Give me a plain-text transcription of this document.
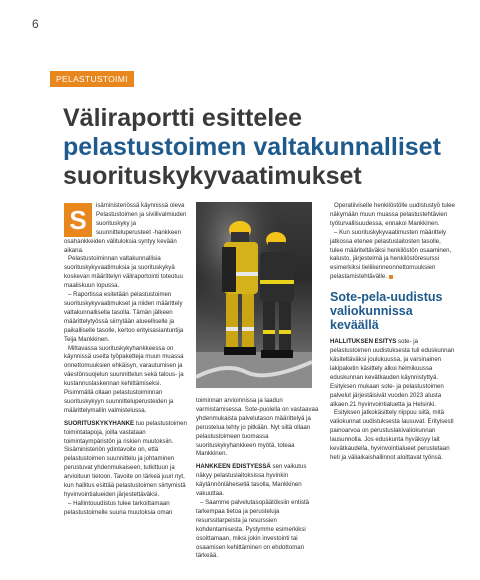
6
PELASTUSTOIMI
Väliraportti esittelee
pelastustoimen valtakunnalliset
suorituskykyvaatimukset

S	isäministeriössä käynnissä oleva Pelastustoimen ja siviilivalmiuden suorituskyky ja suunnitteluperusteet -hankkeen osahankkeiden välituloksia syntyy kevään aikana.

Pelastustoiminnan valtakunnallisia suorituskykyvaatimuksia ja suorituskykyä koskevan määrittelyn väliraportointi toteutuu maaliskuun lopussa.

– Raportissa esitetään pelastustoimen suorituskykyvaatimukset ja niiden määrittely valtakunnallisella tasolla. Tämän jälkeen määrittelytyössä siirrytään alueelliselle ja paikalliselle tasolle, kertoo erityisasiantuntija Teija Mankkinen.

Mittavassa suorituskykyhankkeessa on käynnissä useita työpaketteja muun muassa onnettomuuksien ehkäisyn, varautumisen ja väestönsuojelun suunnittelun sekä talous- ja kustannuslaskennan kehittämiseksi. Pisimmällä ollaan pelastustoiminnan suorituskykyyn suunnitteluperusteiden ja määrittelymallin valmistelussa.

SUORITUSKYKYHANKE tuo pelastustoimen toimintatapoja, joilla vastataan toimintaympäristön ja riskien muutoksiin. Sisäministeriön ydintavoite on, että pelastustoimen suunnittelu ja johtaminen perustuvat yhdenmukaiseen, tutkittuun ja arvioituun tietoon. Tavoite on tärkeä juuri nyt, kun hallitus esittää pelastustoimen siirtymistä hyvinvointialueiden järjestettäväksi.

– Hallintouudistus tulee tarkoittamaan pelastustoimelle suuria muutoksia oman

toiminnan arvioinnissa ja laadun varmistamisessa. Sote-puolella on vastaavaa yhdenmukaista palvelutason määrittelyä ja perustelua tehty jo pitkään. Nyt siltä ollaan pelastustoimeen tuomassa suorituskykyhankkeen myötä, toteaa Mankkinen.

HANKKEEN EDISTYESSÄ sen vaikutus näkyy pelastuslaitoksissa hyvinkin käytännönläheisellä tasolla, Mankkinen vakuuttaa.

– Saamme palvelutasopäätöksiin entistä tarkempaa tietoa ja perusteluja resurssitarpeista ja resurssien kohdentamisesta. Pystymme esimerkiksi osoittamaan, miksi jokin investointi tai osaamisen kehittäminen on ehdottoman tärkeää.

Operatiiviselle henkilöstölle uudistustyö tulee näkymään muun muassa pelastustehtävien työturvallisuudessa, ennakoi Mankkinen.

– Kun suorituskykyvaatimusten määrittely jatkossa etenee pelastuslaitosten tasolle, tulee määriteltäväksi henkilöstön osaaminen, kalusto, järjestelmä ja henkilöstöresurssi esimerkiksi tieliikenneonnettomuuksien pelastamistehtävälle.

Sote-pela-uudistus valiokunnissa keväällä

HALLITUKSEN ESITYS sote- ja pelastustoimen uudistuksesta tuli eduskunnan käsiteltäväksi joulukuussa, ja varsinainen lakipaketin käsittely alkoi helmikuussa eduskunnan kevätkauden käynnistyttyä. Esityksen mukaan sote- ja pelastustoimen palvelut järjestäisivät vuoden 2023 alusta alkaen 21 hyvinvointialuetta ja Helsinki.

Esityksen jatkokäsittely riippuu siitä, mitä valiokunnat uudistuksesta lausuvat. Erityisesti painoarvoa on perustuslakivaliokunnan lausunnolla. Jos eduskunta hyväksyy lait kevätkaudella, hyvinvointialueet perustetaan heti ja väliaikaishallinnot aloittavat työnsä.
